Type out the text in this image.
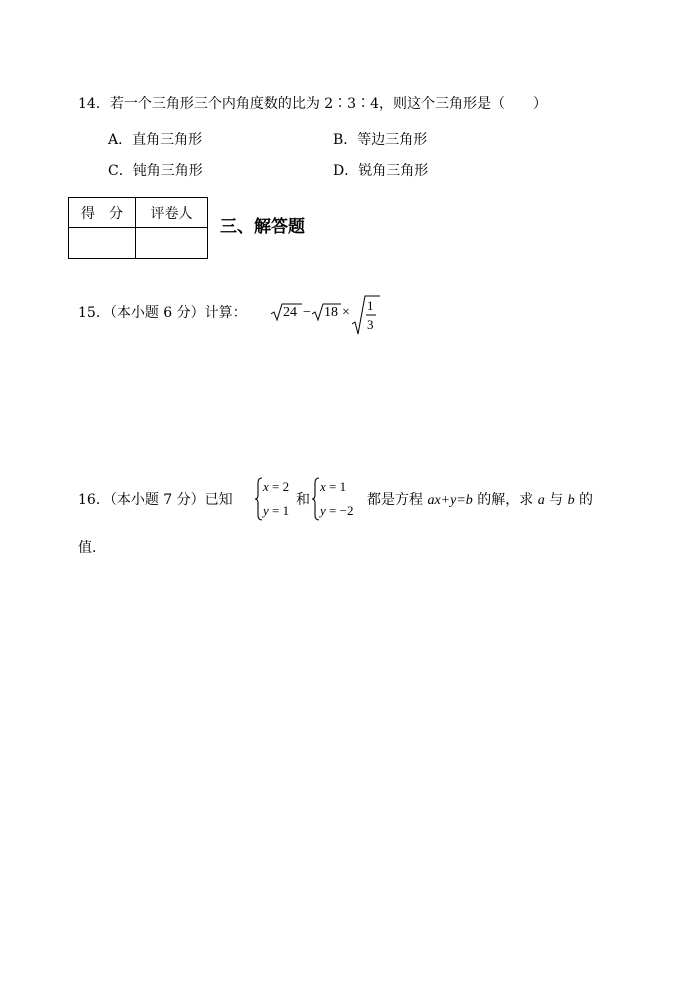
14．若一个三角形三个内角度数的比为 2∶3∶4，则这个三角形是（　　）
A．直角三角形	B．等边三角形
C．钝角三角形	D．锐角三角形
得　分	评卷人

三、解答题
15．（本小题 6 分）计算：	24 − 18 × 1
3
16．（本小题 7 分）已知
x = 2
y = 1
和
x = 1
y = −2
都是方程 ax+y=b 的解，求 a 与 b 的
值.
